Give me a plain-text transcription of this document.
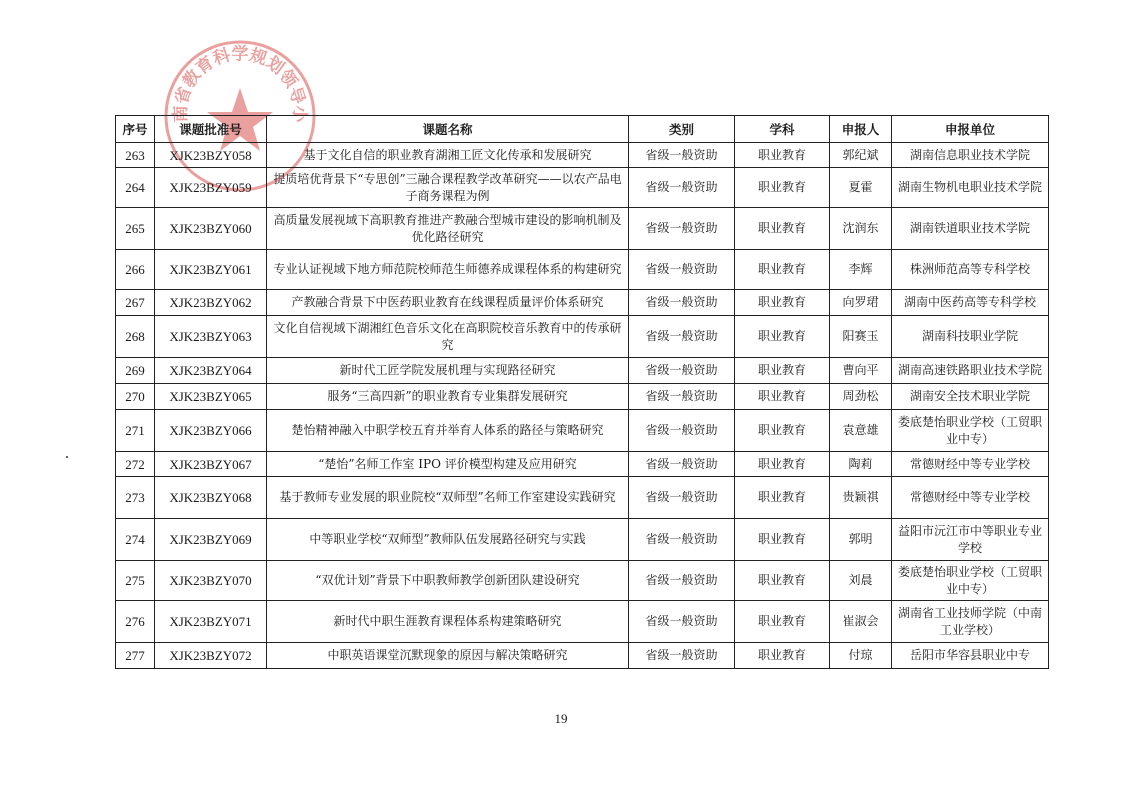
湖南省教育科学规划领导小组
序号	课题批准号	课题名称	类别	学科	申报人	申报单位
263	XJK23BZY058	基于文化自信的职业教育湖湘工匠文化传承和发展研究	省级一般资助	职业教育	郭纪斌	湖南信息职业技术学院
264	XJK23BZY059	提质培优背景下“专思创”三融合课程教学改革研究——以农产品电子商务课程为例	省级一般资助	职业教育	夏霍	湖南生物机电职业技术学院
265	XJK23BZY060	高质量发展视域下高职教育推进产教融合型城市建设的影响机制及优化路径研究	省级一般资助	职业教育	沈润东	湖南铁道职业技术学院
266	XJK23BZY061	专业认证视域下地方师范院校师范生师德养成课程体系的构建研究	省级一般资助	职业教育	李辉	株洲师范高等专科学校
267	XJK23BZY062	产教融合背景下中医药职业教育在线课程质量评价体系研究	省级一般资助	职业教育	向罗珺	湖南中医药高等专科学校
268	XJK23BZY063	文化自信视域下湖湘红色音乐文化在高职院校音乐教育中的传承研究	省级一般资助	职业教育	阳赛玉	湖南科技职业学院
269	XJK23BZY064	新时代工匠学院发展机理与实现路径研究	省级一般资助	职业教育	曹向平	湖南高速铁路职业技术学院
270	XJK23BZY065	服务“三高四新”的职业教育专业集群发展研究	省级一般资助	职业教育	周劲松	湖南安全技术职业学院
271	XJK23BZY066	楚怡精神融入中职学校五育并举育人体系的路径与策略研究	省级一般资助	职业教育	袁意雄	娄底楚怡职业学校（工贸职业中专）
272	XJK23BZY067	“楚怡”名师工作室 IPO 评价模型构建及应用研究	省级一般资助	职业教育	陶莉	常德财经中等专业学校
273	XJK23BZY068	基于教师专业发展的职业院校“双师型”名师工作室建设实践研究	省级一般资助	职业教育	贵颖祺	常德财经中等专业学校
274	XJK23BZY069	中等职业学校“双师型”教师队伍发展路径研究与实践	省级一般资助	职业教育	郭明	益阳市沅江市中等职业专业学校
275	XJK23BZY070	“双优计划”背景下中职教师教学创新团队建设研究	省级一般资助	职业教育	刘晨	娄底楚怡职业学校（工贸职业中专）
276	XJK23BZY071	新时代中职生涯教育课程体系构建策略研究	省级一般资助	职业教育	崔淑会	湖南省工业技师学院（中南工业学校）
277	XJK23BZY072	中职英语课堂沉默现象的原因与解决策略研究	省级一般资助	职业教育	付琼	岳阳市华容县职业中专
19
